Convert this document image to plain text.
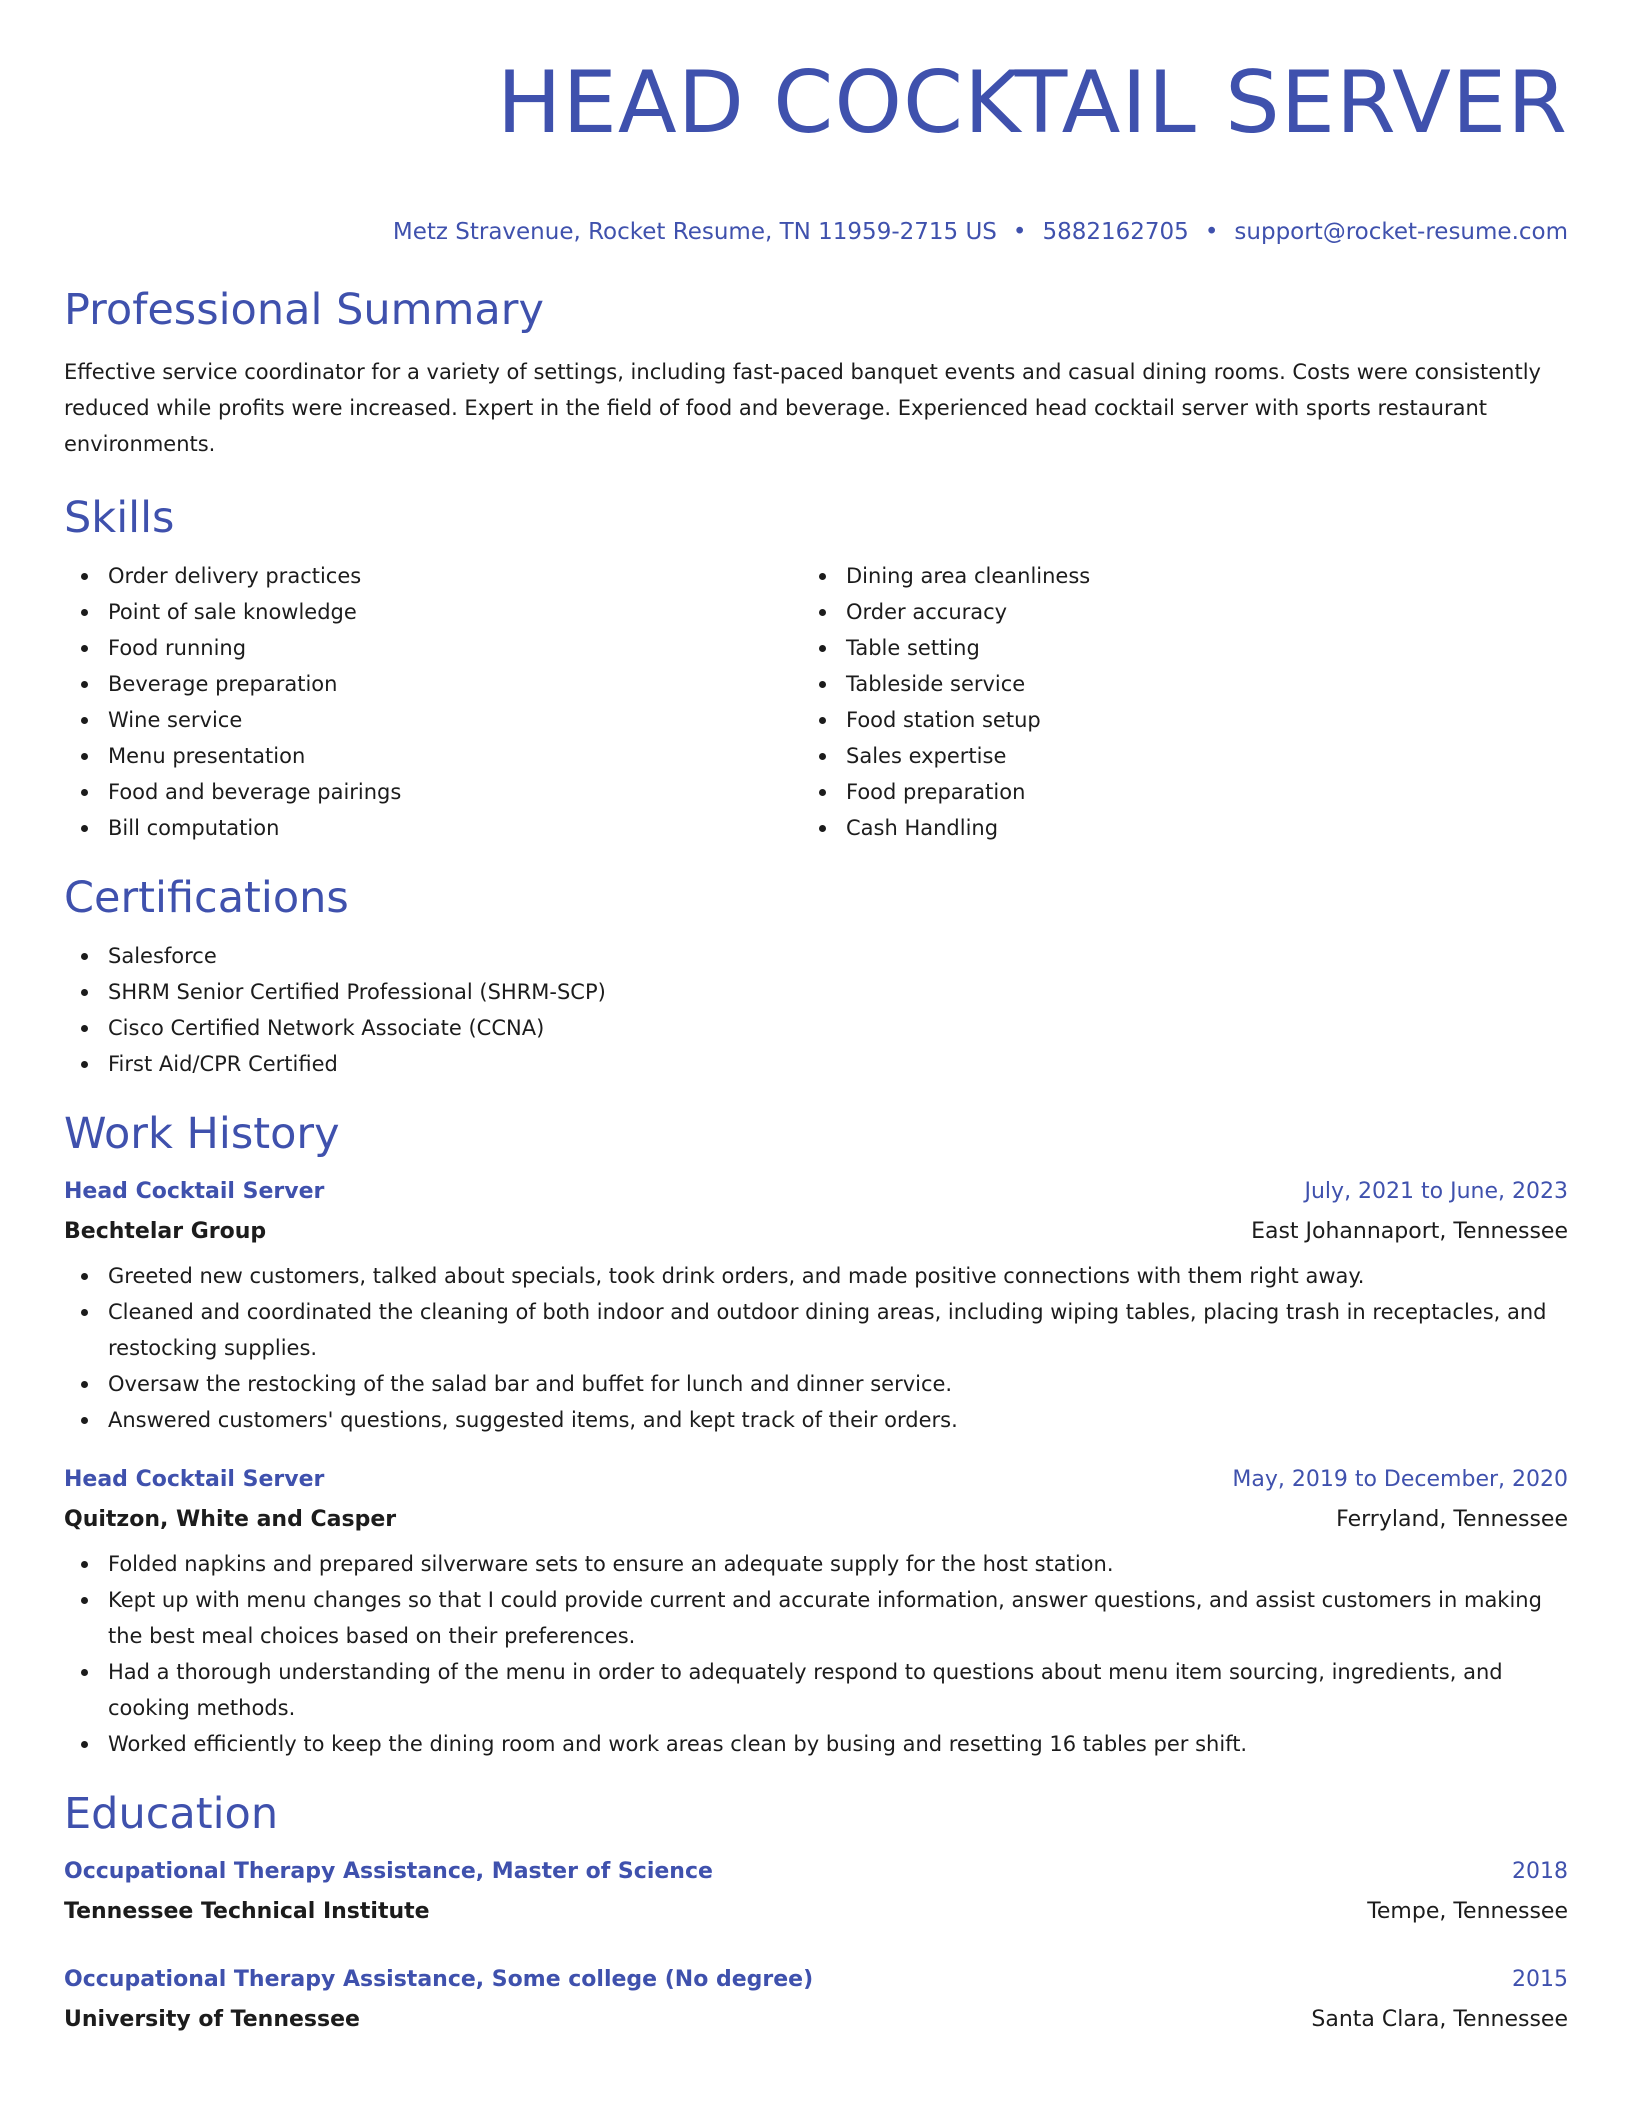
HEAD COCKTAIL SERVER
Metz Stravenue, Rocket Resume, TN 11959-2715 US • 5882162705 • support@rocket-resume.com
Professional Summary

Effective service coordinator for a variety of settings, including fast-paced banquet events and casual dining rooms. Costs were consistently reduced while profits were increased. Expert in the field of food and beverage. Experienced head cocktail server with sports restaurant environments.

Skills
Order delivery practices
Point of sale knowledge
Food running
Beverage preparation
Wine service
Menu presentation
Food and beverage pairings
Bill computation
Dining area cleanliness
Order accuracy
Table setting
Tableside service
Food station setup
Sales expertise
Food preparation
Cash Handling
Certifications
Salesforce
SHRM Senior Certified Professional (SHRM-SCP)
Cisco Certified Network Associate (CCNA)
First Aid/CPR Certified
Work History
Head Cocktail Server	July, 2021 to June, 2023
Bechtelar Group	East Johannaport, Tennessee
Greeted new customers, talked about specials, took drink orders, and made positive connections with them right away.
Cleaned and coordinated the cleaning of both indoor and outdoor dining areas, including wiping tables, placing trash in receptacles, and restocking supplies.
Oversaw the restocking of the salad bar and buffet for lunch and dinner service.
Answered customers' questions, suggested items, and kept track of their orders.
Head Cocktail Server	May, 2019 to December, 2020
Quitzon, White and Casper	Ferryland, Tennessee
Folded napkins and prepared silverware sets to ensure an adequate supply for the host station.
Kept up with menu changes so that I could provide current and accurate information, answer questions, and assist customers in making the best meal choices based on their preferences.
Had a thorough understanding of the menu in order to adequately respond to questions about menu item sourcing, ingredients, and cooking methods.
Worked efficiently to keep the dining room and work areas clean by busing and resetting 16 tables per shift.
Education
Occupational Therapy Assistance, Master of Science	2018
Tennessee Technical Institute	Tempe, Tennessee
Occupational Therapy Assistance, Some college (No degree)	2015
University of Tennessee	Santa Clara, Tennessee
